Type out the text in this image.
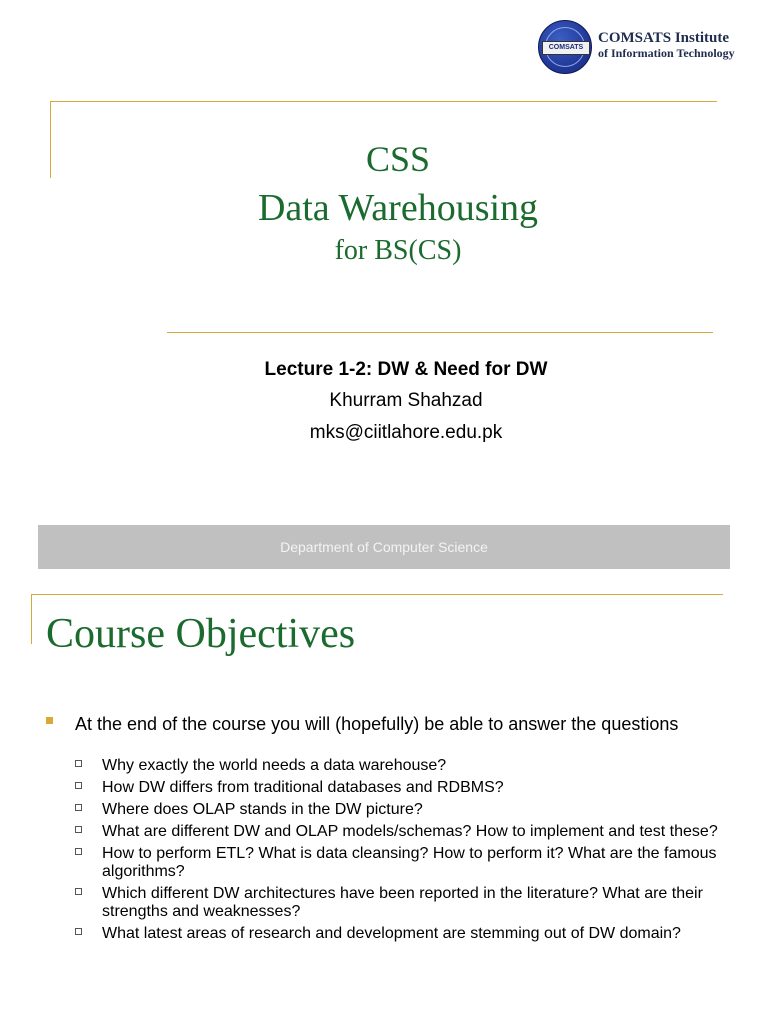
COMSATS
COMSATS Institute
of Information Technology
CSS
Data Warehousing
for BS(CS)
Lecture 1-2: DW & Need for DW
Khurram Shahzad
mks@ciitlahore.edu.pk
Department of Computer Science
Course Objectives
At the end of the course you will (hopefully) be able to answer the questions
Why exactly the world needs a data warehouse?
How DW differs from traditional databases and RDBMS?
Where does OLAP stands in the DW picture?
What are different DW and OLAP models/schemas? How to implement and test these?
How to perform ETL? What is data cleansing? How to perform it? What are the famous algorithms?
Which different DW architectures have been reported in the literature? What are their strengths and weaknesses?
What latest areas of research and development are stemming out of DW domain?
